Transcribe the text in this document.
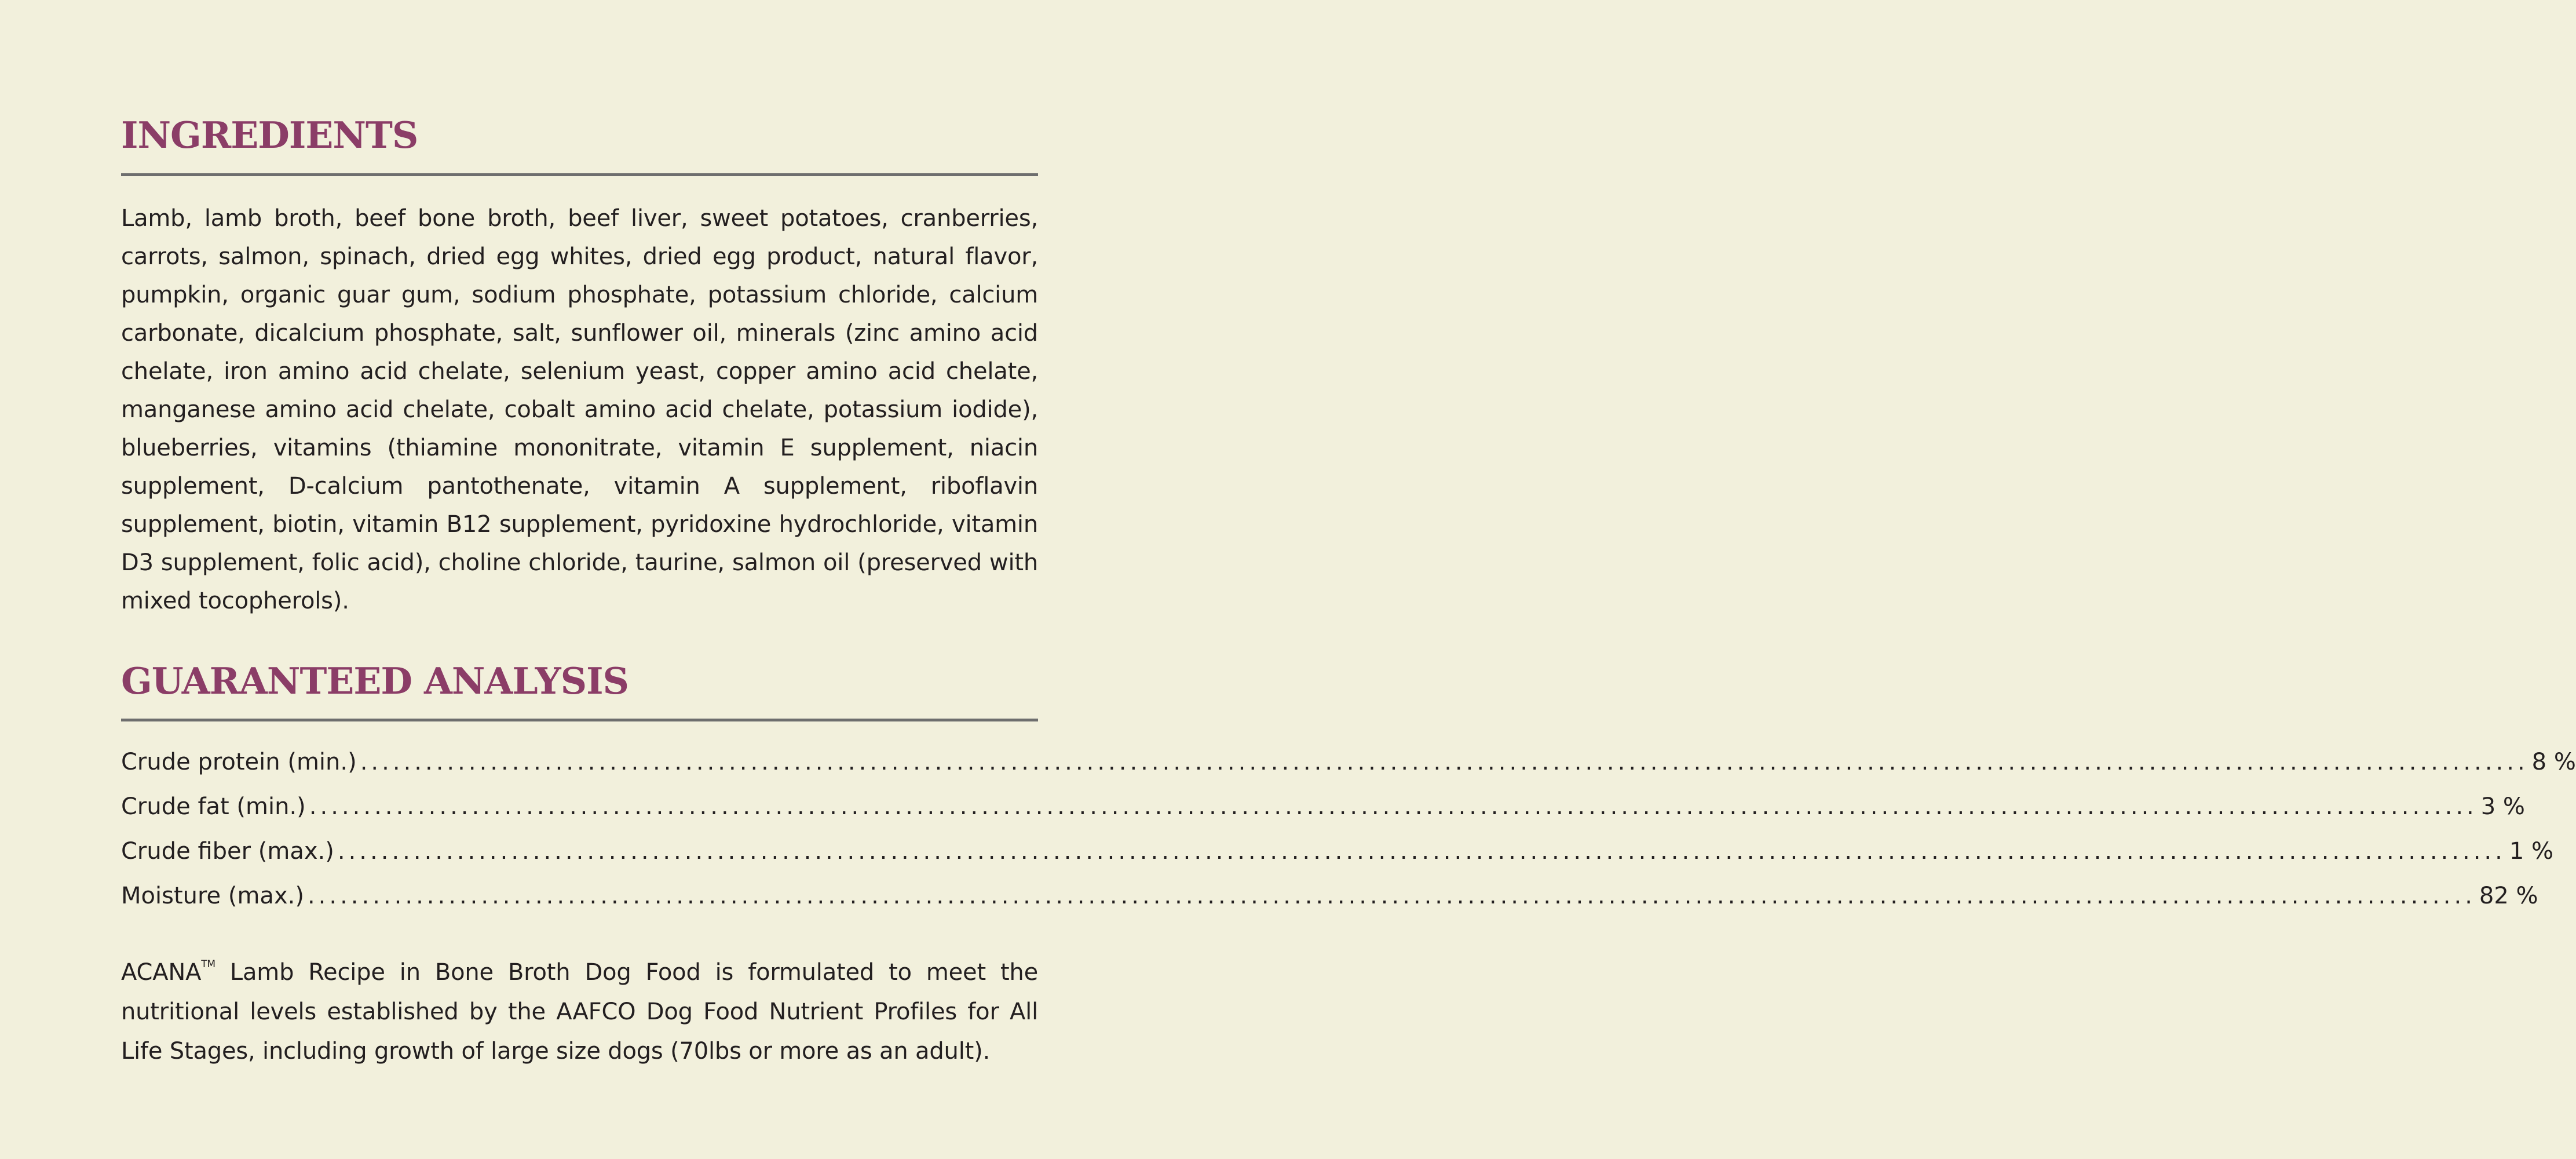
INGREDIENTS
Lamb, lamb broth, beef bone broth, beef liver, sweet potatoes, cranberries, carrots, salmon, spinach, dried egg whites, dried egg product, natural flavor, pumpkin, organic guar gum, sodium phosphate, potassium chloride, calcium carbonate, dicalcium phosphate, salt, sunflower oil, minerals (zinc amino acid chelate, iron amino acid chelate, selenium yeast, copper amino acid chelate, manganese amino acid chelate, cobalt amino acid chelate, potassium iodide), blueberries, vitamins (thiamine mononitrate, vitamin E supplement, niacin supplement, D-calcium pantothenate, vitamin A supplement, riboflavin supplement, biotin, vitamin B12 supplement, pyridoxine hydrochloride, vitamin D3 supplement, folic acid), choline chloride, taurine, salmon oil (preserved with mixed tocopherols).
GUARANTEED ANALYSIS
Crude protein (min.) ........................................................................................................................................................................................................ 8 %
Crude fat (min.) ........................................................................................................................................................................................................ 3 %
Crude fiber (max.) ........................................................................................................................................................................................................ 1 %
Moisture (max.) ........................................................................................................................................................................................................ 82 %
ACANA™ Lamb Recipe in Bone Broth Dog Food is formulated to meet the nutritional levels established by the AAFCO Dog Food Nutrient Profiles for All Life Stages, including growth of large size dogs (70lbs or more as an adult).
